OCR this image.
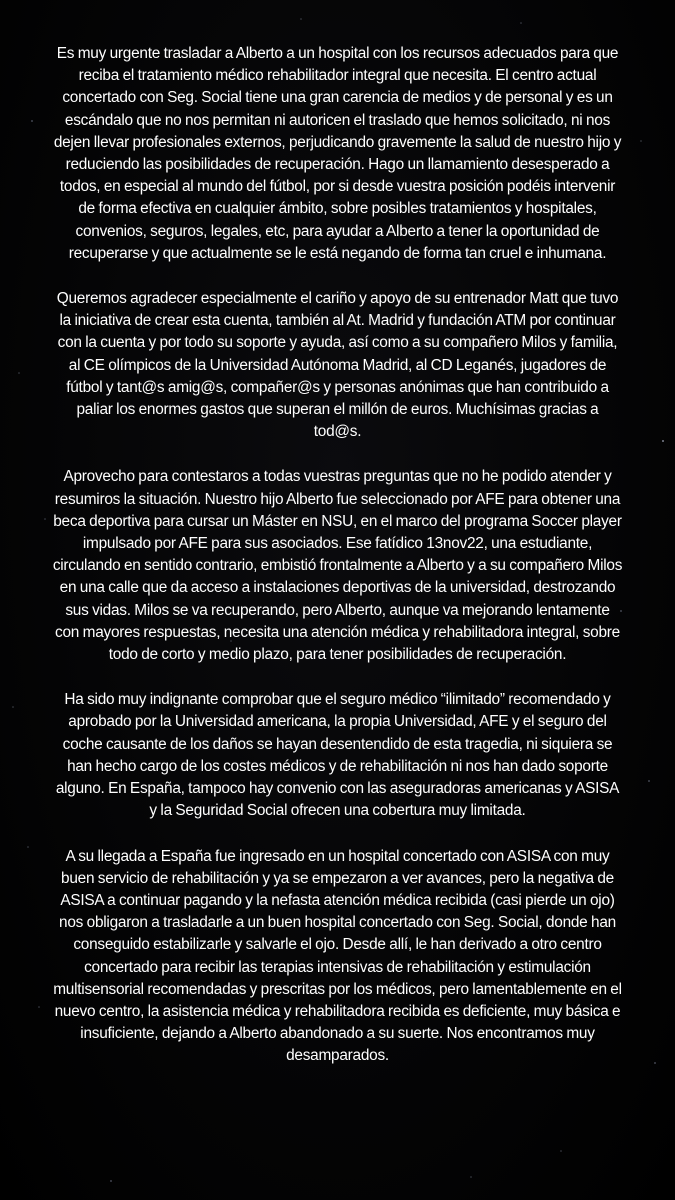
Es muy urgente trasladar a Alberto a un hospital con los recursos adecuados para que reciba el tratamiento médico rehabilitador integral que necesita. El centro actual concertado con Seg. Social tiene una gran carencia de medios y de personal y es un escándalo que no nos permitan ni autoricen el traslado que hemos solicitado, ni nos dejen llevar profesionales externos, perjudicando gravemente la salud de nuestro hijo y reduciendo las posibilidades de recuperación. Hago un llamamiento desesperado a todos, en especial al mundo del fútbol, por si desde vuestra posición podéis intervenir de forma efectiva en cualquier ámbito, sobre posibles tratamientos y hospitales, convenios, seguros, legales, etc, para ayudar a Alberto a tener la oportunidad de recuperarse y que actualmente se le está negando de forma tan cruel e inhumana.

Queremos agradecer especialmente el cariño y apoyo de su entrenador Matt que tuvo la iniciativa de crear esta cuenta, también al At. Madrid y fundación ATM por continuar con la cuenta y por todo su soporte y ayuda, así como a su compañero Milos y familia, al CE olímpicos de la Universidad Autónoma Madrid, al CD Leganés, jugadores de fútbol y tant@s amig@s, compañer@s y personas anónimas que han contribuido a paliar los enormes gastos que superan el millón de euros. Muchísimas gracias a tod@s.

Aprovecho para contestaros a todas vuestras preguntas que no he podido atender y resumiros la situación. Nuestro hijo Alberto fue seleccionado por AFE para obtener una beca deportiva para cursar un Máster en NSU, en el marco del programa Soccer player impulsado por AFE para sus asociados. Ese fatídico 13nov22, una estudiante, circulando en sentido contrario, embistió frontalmente a Alberto y a su compañero Milos en una calle que da acceso a instalaciones deportivas de la universidad, destrozando sus vidas. Milos se va recuperando, pero Alberto, aunque va mejorando lentamente con mayores respuestas, necesita una atención médica y rehabilitadora integral, sobre todo de corto y medio plazo, para tener posibilidades de recuperación.

Ha sido muy indignante comprobar que el seguro médico “ilimitado” recomendado y aprobado por la Universidad americana, la propia Universidad, AFE y el seguro del coche causante de los daños se hayan desentendido de esta tragedia, ni siquiera se han hecho cargo de los costes médicos y de rehabilitación ni nos han dado soporte alguno. En España, tampoco hay convenio con las aseguradoras americanas y ASISA y la Seguridad Social ofrecen una cobertura muy limitada.

A su llegada a España fue ingresado en un hospital concertado con ASISA con muy buen servicio de rehabilitación y ya se empezaron a ver avances, pero la negativa de ASISA a continuar pagando y la nefasta atención médica recibida (casi pierde un ojo) nos obligaron a trasladarle a un buen hospital concertado con Seg. Social, donde han conseguido estabilizarle y salvarle el ojo. Desde allí, le han derivado a otro centro concertado para recibir las terapias intensivas de rehabilitación y estimulación multisensorial recomendadas y prescritas por los médicos, pero lamentablemente en el nuevo centro, la asistencia médica y rehabilitadora recibida es deficiente, muy básica e insuficiente, dejando a Alberto abandonado a su suerte. Nos encontramos muy desamparados.
